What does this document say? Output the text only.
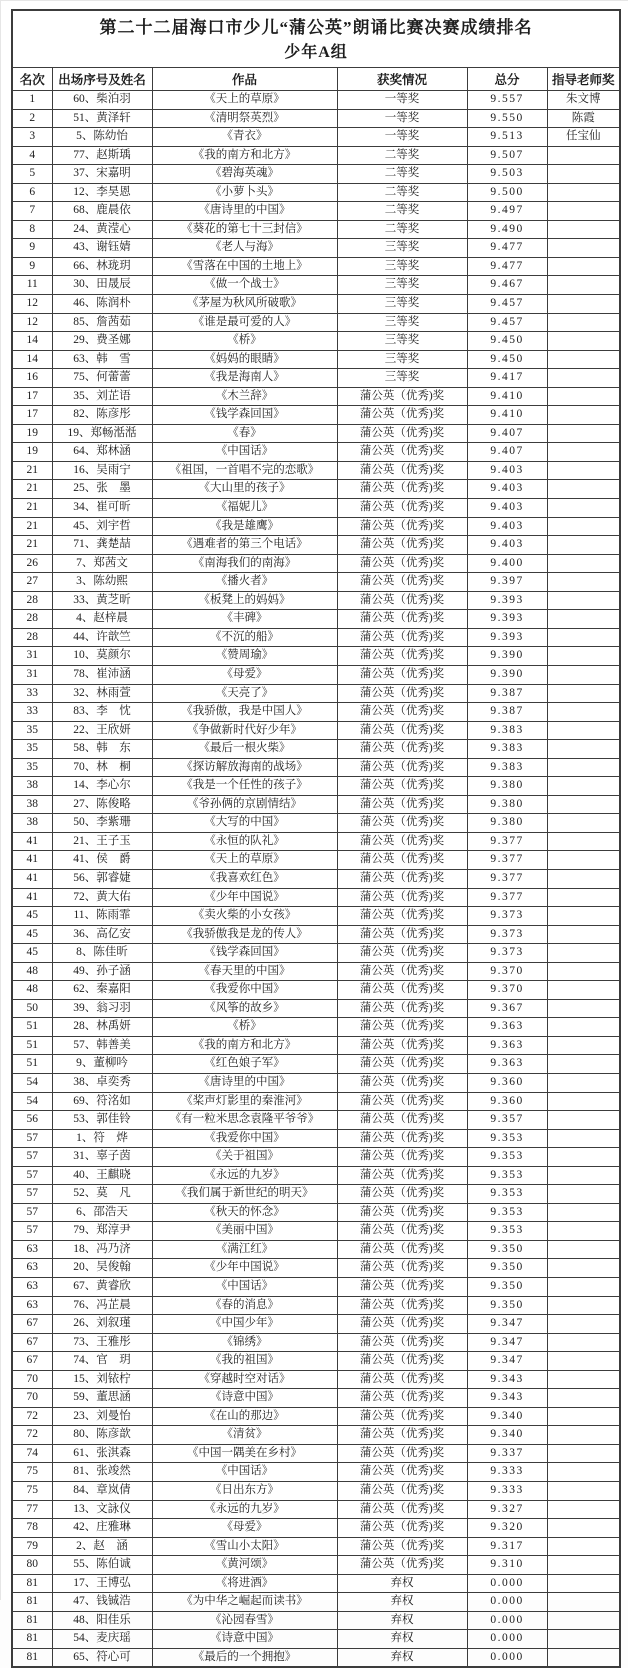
第二十二届海口市少儿“蒲公英”朗诵比赛决赛成绩排名
少年A组					

名次	出场序号及姓名	作品	获奖情况	总分	指导老师奖
1	60、柴泊羽	《天上的草原》	一等奖	9.557	朱文博
2	51、黄泽轩	《清明祭英烈》	一等奖	9.550	陈霞
3	5、陈幼怡	《青衣》	一等奖	9.513	任宝仙
4	77、赵斯瑀	《我的南方和北方》	二等奖	9.507	
5	37、宋嘉明	《碧海英魂》	二等奖	9.503	
6	12、李昊恩	《小萝卜头》	二等奖	9.500	
7	68、鹿晨依	《唐诗里的中国》	二等奖	9.497	
8	24、黄滢心	《葵花的第七十三封信》	二等奖	9.490	
9	43、谢钰婧	《老人与海》	三等奖	9.477	
9	66、林珑玥	《雪落在中国的土地上》	三等奖	9.477	
11	30、田晟辰	《做一个战士》	三等奖	9.467	
12	46、陈润朴	《茅屋为秋风所破歌》	三等奖	9.457	
12	85、詹茜茹	《谁是最可爱的人》	三等奖	9.457	
14	29、费圣娜	《桥》	三等奖	9.450	
14	63、韩　雪	《妈妈的眼睛》	三等奖	9.450	
16	75、何蕾蕾	《我是海南人》	三等奖	9.417	
17	35、刘芷语	《木兰辞》	蒲公英（优秀)奖	9.410	
17	82、陈彦彤	《钱学森回国》	蒲公英（优秀)奖	9.410	
19	19、郑畅湉湉	《春》	蒲公英（优秀)奖	9.407	
19	64、郑林涵	《中国话》	蒲公英（优秀)奖	9.407	
21	16、吴雨宁	《祖国，一首唱不完的恋歌》	蒲公英（优秀)奖	9.403	
21	25、张　墨	《大山里的孩子》	蒲公英（优秀)奖	9.403	
21	34、崔可昕	《福妮儿》	蒲公英（优秀)奖	9.403	
21	45、刘宇哲	《我是雄鹰》	蒲公英（优秀)奖	9.403	
21	71、龚楚喆	《遇难者的第三个电话》	蒲公英（优秀)奖	9.403	
26	7、郑茜文	《南海我们的南海》	蒲公英（优秀)奖	9.400	
27	3、陈幼熙	《播火者》	蒲公英（优秀)奖	9.397	
28	33、黄芝昕	《板凳上的妈妈》	蒲公英（优秀)奖	9.393	
28	4、赵梓晨	《丰碑》	蒲公英（优秀)奖	9.393	
28	44、许歆竺	《不沉的船》	蒲公英（优秀)奖	9.393	
31	10、莫颜尔	《赞周瑜》	蒲公英（优秀)奖	9.390	
31	78、崔沛涵	《母爱》	蒲公英（优秀)奖	9.390	
33	32、林雨萱	《天亮了》	蒲公英（优秀)奖	9.387	
33	83、李　忱	《我骄傲，我是中国人》	蒲公英（优秀)奖	9.387	
35	22、王欣妍	《争做新时代好少年》	蒲公英（优秀)奖	9.383	
35	58、韩　东	《最后一根火柴》	蒲公英（优秀)奖	9.383	
35	70、林　桐	《探访解放海南的战场》	蒲公英（优秀)奖	9.383	
38	14、李心尔	《我是一个任性的孩子》	蒲公英（优秀)奖	9.380	
38	27、陈俊略	《爷孙俩的京剧情结》	蒲公英（优秀)奖	9.380	
38	50、李紫珊	《大写的中国》	蒲公英（优秀)奖	9.380	
41	21、王子玉	《永恒的队礼》	蒲公英（优秀)奖	9.377	
41	41、侯　爵	《天上的草原》	蒲公英（优秀)奖	9.377	
41	56、郭睿婕	《我喜欢红色》	蒲公英（优秀)奖	9.377	
41	72、黄大佑	《少年中国说》	蒲公英（优秀)奖	9.377	
45	11、陈雨霏	《卖火柴的小女孩》	蒲公英（优秀)奖	9.373	
45	36、高亿安	《我骄傲我是龙的传人》	蒲公英（优秀)奖	9.373	
45	8、陈佳昕	《钱学森回国》	蒲公英（优秀)奖	9.373	
48	49、孙子涵	《春天里的中国》	蒲公英（优秀)奖	9.370	
48	62、秦嘉阳	《我爱你中国》	蒲公英（优秀)奖	9.370	
50	39、翁习羽	《风筝的故乡》	蒲公英（优秀)奖	9.367	
51	28、林禹妍	《桥》	蒲公英（优秀)奖	9.363	
51	57、韩善美	《我的南方和北方》	蒲公英（优秀)奖	9.363	
51	9、董柳吟	《红色娘子军》	蒲公英（优秀)奖	9.363	
54	38、卓奕秀	《唐诗里的中国》	蒲公英（优秀)奖	9.360	
54	69、符洺如	《桨声灯影里的秦淮河》	蒲公英（优秀)奖	9.360	
56	53、郭佳铃	《有一粒米思念袁隆平爷爷》	蒲公英（优秀)奖	9.357	
57	1、符　烨	《我爱你中国》	蒲公英（优秀)奖	9.353	
57	31、辜子茵	《关于祖国》	蒲公英（优秀)奖	9.353	
57	40、王麒晓	《永远的九岁》	蒲公英（优秀)奖	9.353	
57	52、莫　凡	《我们属于新世纪的明天》	蒲公英（优秀)奖	9.353	
57	6、邵浩天	《秋天的怀念》	蒲公英（优秀)奖	9.353	
57	79、郑淳尹	《美丽中国》	蒲公英（优秀)奖	9.353	
63	18、冯乃济	《满江红》	蒲公英（优秀)奖	9.350	
63	20、吴俊翰	《少年中国说》	蒲公英（优秀)奖	9.350	
63	67、黄睿欣	《中国话》	蒲公英（优秀)奖	9.350	
63	76、冯芷晨	《春的消息》	蒲公英（优秀)奖	9.350	
67	26、刘叙瑾	《中国少年》	蒲公英（优秀)奖	9.347	
67	73、王雅彤	《锦绣》	蒲公英（优秀)奖	9.347	
67	74、官　玥	《我的祖国》	蒲公英（优秀)奖	9.347	
70	15、刘铱柠	《穿越时空对话》	蒲公英（优秀)奖	9.343	
70	59、董思涵	《诗意中国》	蒲公英（优秀)奖	9.343	
72	23、刘曼怡	《在山的那边》	蒲公英（优秀)奖	9.340	
72	80、陈彦歆	《清贫》	蒲公英（优秀)奖	9.340	
74	61、张淇森	《中国一隅美在乡村》	蒲公英（优秀)奖	9.337	
75	81、张竣然	《中国话》	蒲公英（优秀)奖	9.333	
75	84、章岚倩	《日出东方》	蒲公英（优秀)奖	9.333	
77	13、文詠仪	《永远的九岁》	蒲公英（优秀)奖	9.327	
78	42、庄雅琳	《母爱》	蒲公英（优秀)奖	9.320	
79	2、赵　涵	《雪山小太阳》	蒲公英（优秀)奖	9.317	
80	55、陈伯诚	《黄河颂》	蒲公英（优秀)奖	9.310	
81	17、王博弘	《将进酒》	弃权	0.000	
81	47、钱铖浩	《为中华之崛起而读书》	弃权	0.000	
81	48、阳佳乐	《沁园春雪》	弃权	0.000	
81	54、麦庆瑶	《诗意中国》	弃权	0.000	
81	65、符心可	《最后的一个拥抱》	弃权	0.000	
